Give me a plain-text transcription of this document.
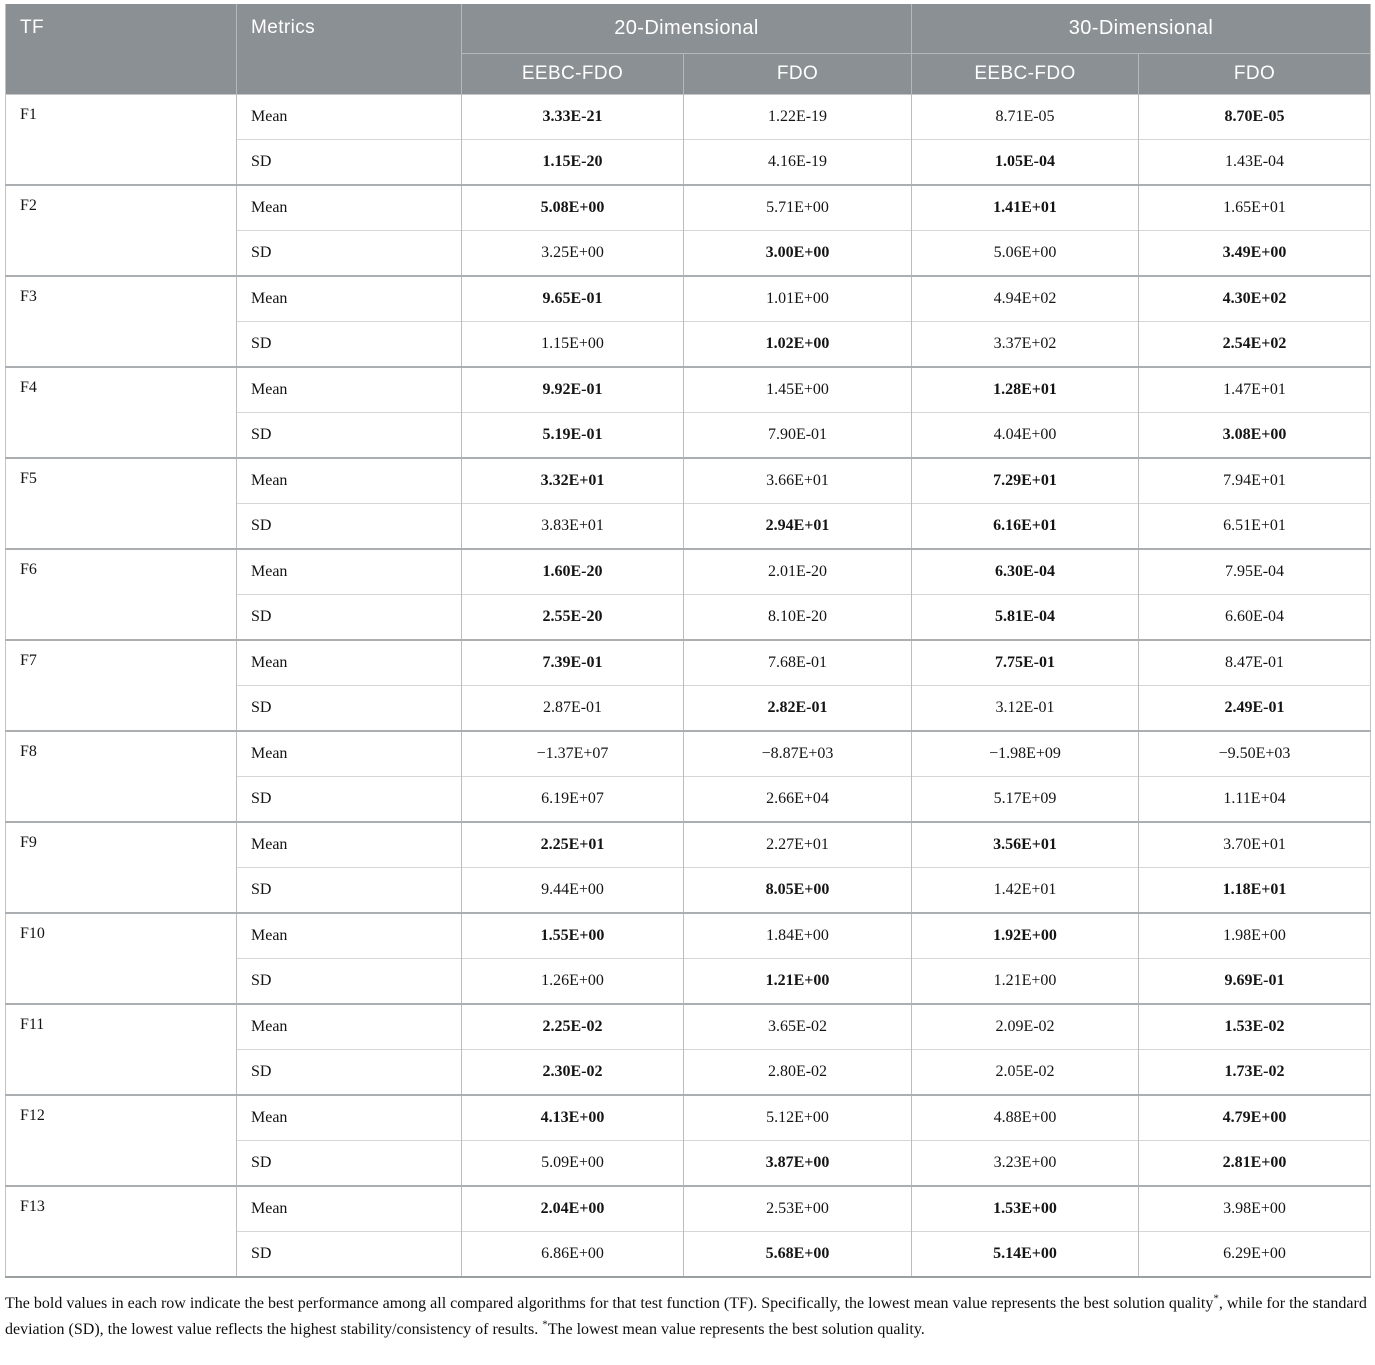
TF	Metrics	20-Dimensional		30-Dimensional	
		EEBC-FDO	FDO	EEBC-FDO	FDO
F1	Mean	3.33E-21	1.22E-19	8.71E-05	8.70E-05
	SD	1.15E-20	4.16E-19	1.05E-04	1.43E-04
F2	Mean	5.08E+00	5.71E+00	1.41E+01	1.65E+01
	SD	3.25E+00	3.00E+00	5.06E+00	3.49E+00
F3	Mean	9.65E-01	1.01E+00	4.94E+02	4.30E+02
	SD	1.15E+00	1.02E+00	3.37E+02	2.54E+02
F4	Mean	9.92E-01	1.45E+00	1.28E+01	1.47E+01
	SD	5.19E-01	7.90E-01	4.04E+00	3.08E+00
F5	Mean	3.32E+01	3.66E+01	7.29E+01	7.94E+01
	SD	3.83E+01	2.94E+01	6.16E+01	6.51E+01
F6	Mean	1.60E-20	2.01E-20	6.30E-04	7.95E-04
	SD	2.55E-20	8.10E-20	5.81E-04	6.60E-04
F7	Mean	7.39E-01	7.68E-01	7.75E-01	8.47E-01
	SD	2.87E-01	2.82E-01	3.12E-01	2.49E-01
F8	Mean	−1.37E+07	−8.87E+03	−1.98E+09	−9.50E+03
	SD	6.19E+07	2.66E+04	5.17E+09	1.11E+04
F9	Mean	2.25E+01	2.27E+01	3.56E+01	3.70E+01
	SD	9.44E+00	8.05E+00	1.42E+01	1.18E+01
F10	Mean	1.55E+00	1.84E+00	1.92E+00	1.98E+00
	SD	1.26E+00	1.21E+00	1.21E+00	9.69E-01
F11	Mean	2.25E-02	3.65E-02	2.09E-02	1.53E-02
	SD	2.30E-02	2.80E-02	2.05E-02	1.73E-02
F12	Mean	4.13E+00	5.12E+00	4.88E+00	4.79E+00
	SD	5.09E+00	3.87E+00	3.23E+00	2.81E+00
F13	Mean	2.04E+00	2.53E+00	1.53E+00	3.98E+00
	SD	6.86E+00	5.68E+00	5.14E+00	6.29E+00

The bold values in each row indicate the best performance among all compared algorithms for that test function (TF). Specifically, the lowest mean value represents the best solution quality*, while for the standard deviation (SD), the lowest value reflects the highest stability/consistency of results. *The lowest mean value represents the best solution quality.
